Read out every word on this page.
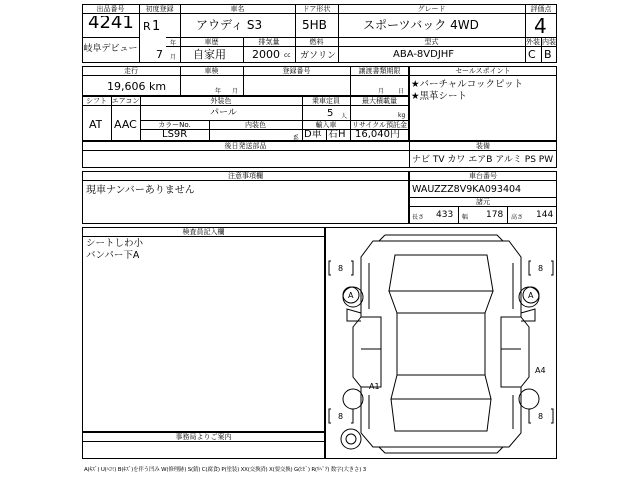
出品番号
4241
岐阜デビュー
初度登録
R 1
年
7 月
車名
アウディ S3
ドア形状
5HB
グレード
スポーツバック 4WD
評価点
4
車歴
自家用
排気量
2000 cc
燃料
ガソリン
型式
ABA-8VDJHF
外装
C
内装
B
走行
19,606 km
車検
年 月
登録番号	譲渡書類期限
月 日
セールスポイント
★バーチャルコックピット
★黒革シート
シフト
AT
エアコン
AAC
外装色
パール
乗車定員
5 人
最大積載量
kg
カラーNo.
LS9R
内装色
系
輸入車
D車 右H
リサイクル預託金
16,040円
後日発送部品	装備
ナビ TV カワ エアB アルミ PS PW
注意事項欄
現車ナンバーありません
車台番号
WAUZZZ8V9KA093404
諸元
長さ 433 幅 178 高さ 144
検査員記入欄
シートしわ小
バンパー下A
事務局よりご案内
8	8
8	8
A	A
A1
A4
A(ｷｽﾞ) U(ﾍｺﾐ) B(ｷｽﾞ)を伴う凹み W(修理跡) S(錆) C(腐食) P(塗装) XX(交換済) X(要交換) G(ﾋﾋﾞ) R(ﾘﾍﾟｱ) 数字(大きさ) 3
